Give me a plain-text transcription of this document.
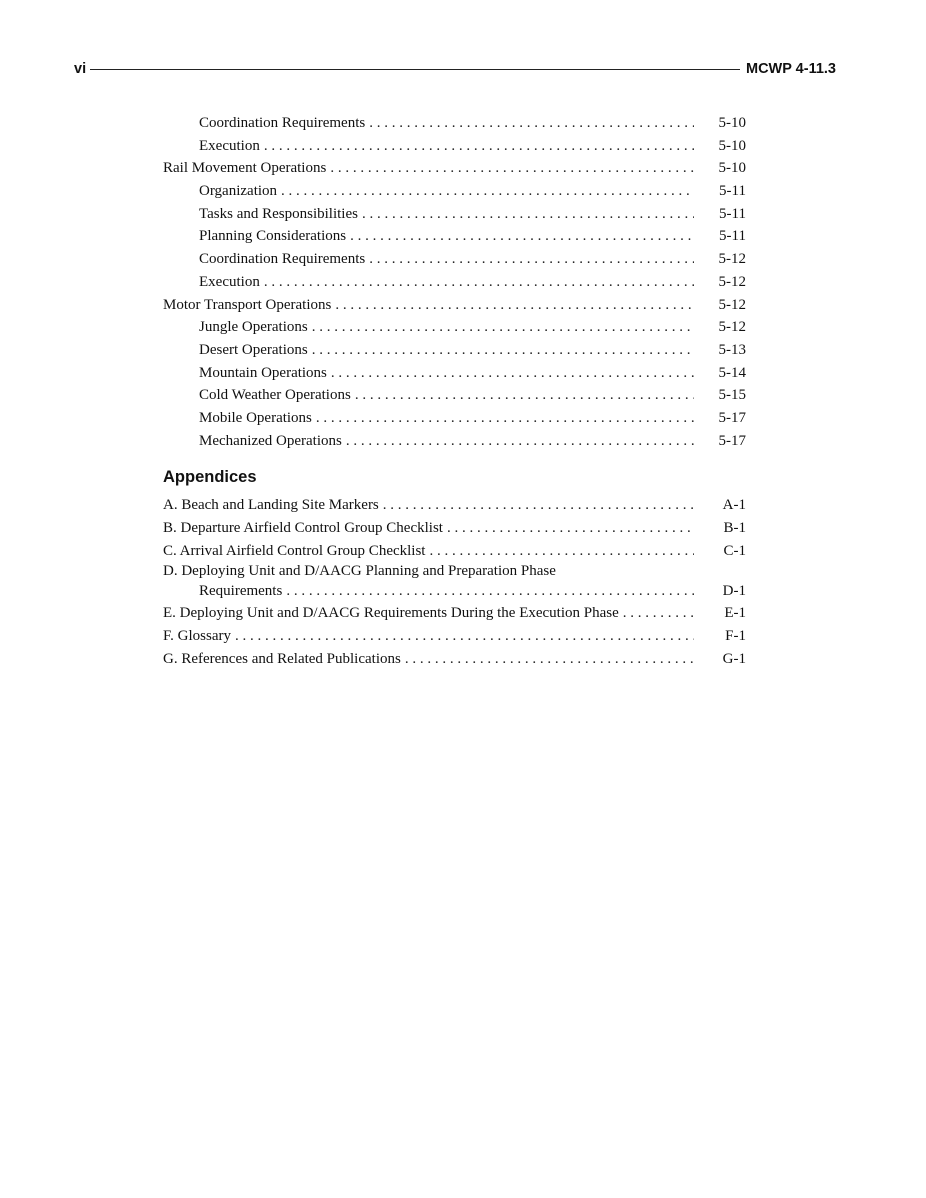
vi	MCWP 4-11.3
Coordination Requirements . . .	5-10
Execution . . .	5-10
Rail Movement Operations . . .	5-10
Organization . . .	5-11
Tasks and Responsibilities . . .	5-11
Planning Considerations . . .	5-11
Coordination Requirements . . .	5-12
Execution . . .	5-12
Motor Transport Operations . . .	5-12
Jungle Operations . . .	5-12
Desert Operations . . .	5-13
Mountain Operations . . .	5-14
Cold Weather Operations . . .	5-15
Mobile Operations . . .	5-17
Mechanized Operations . . .	5-17
Appendices
A. Beach and Landing Site Markers . . .	A-1
B. Departure Airfield Control Group Checklist . . .	B-1
C. Arrival Airfield Control Group Checklist . . .	C-1
D. Deploying Unit and D/AACG Planning and Preparation Phase
Requirements . . .	D-1
E. Deploying Unit and D/AACG Requirements During the Execution Phase . . .	E-1
F. Glossary . . .	F-1
G. References and Related Publications . . .	G-1
